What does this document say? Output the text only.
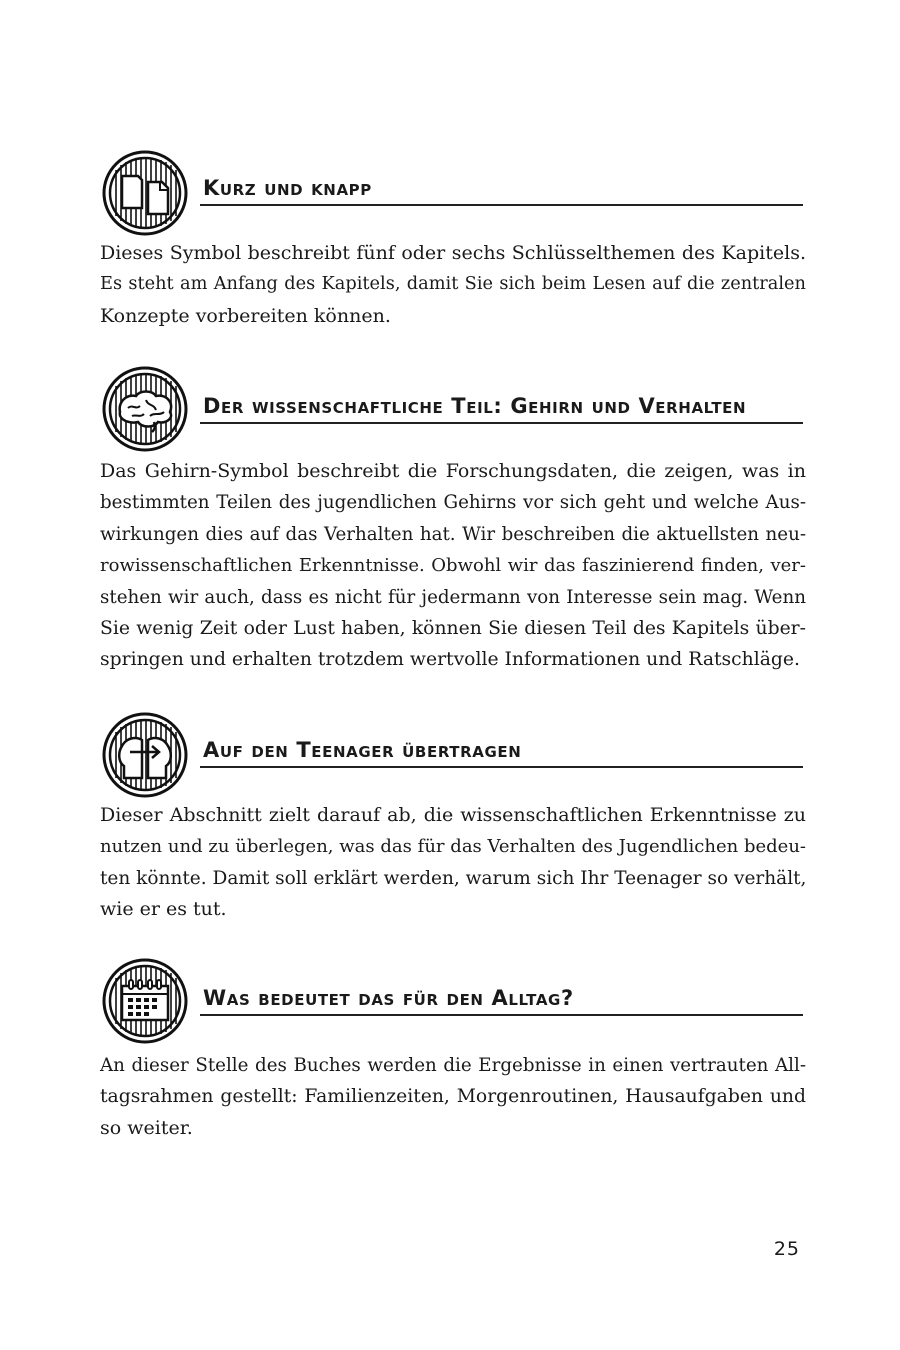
Kurz und knapp
Dieses Symbol beschreibt fünf oder sechs Schlüsselthemen des Kapitels.
Es steht am Anfang des Kapitels, damit Sie sich beim Lesen auf die zentralen
Konzepte vorbereiten können.
Der wissenschaftliche Teil: Gehirn und Verhalten
Das Gehirn-Symbol beschreibt die Forschungsdaten, die zeigen, was in
bestimmten Teilen des jugendlichen Gehirns vor sich geht und welche Aus-
wirkungen dies auf das Verhalten hat. Wir beschreiben die aktuellsten neu-
rowissenschaftlichen Erkenntnisse. Obwohl wir das faszinierend finden, ver-
stehen wir auch, dass es nicht für jedermann von Interesse sein mag. Wenn
Sie wenig Zeit oder Lust haben, können Sie diesen Teil des Kapitels über-
springen und erhalten trotzdem wertvolle Informationen und Ratschläge.
Auf den Teenager übertragen
Dieser Abschnitt zielt darauf ab, die wissenschaftlichen Erkenntnisse zu
nutzen und zu überlegen, was das für das Verhalten des Jugendlichen bedeu-
ten könnte. Damit soll erklärt werden, warum sich Ihr Teenager so verhält,
wie er es tut.
Was bedeutet das für den Alltag?
An dieser Stelle des Buches werden die Ergebnisse in einen vertrauten All-
tagsrahmen gestellt: Familienzeiten, Morgenroutinen, Hausaufgaben und
so weiter.
25
